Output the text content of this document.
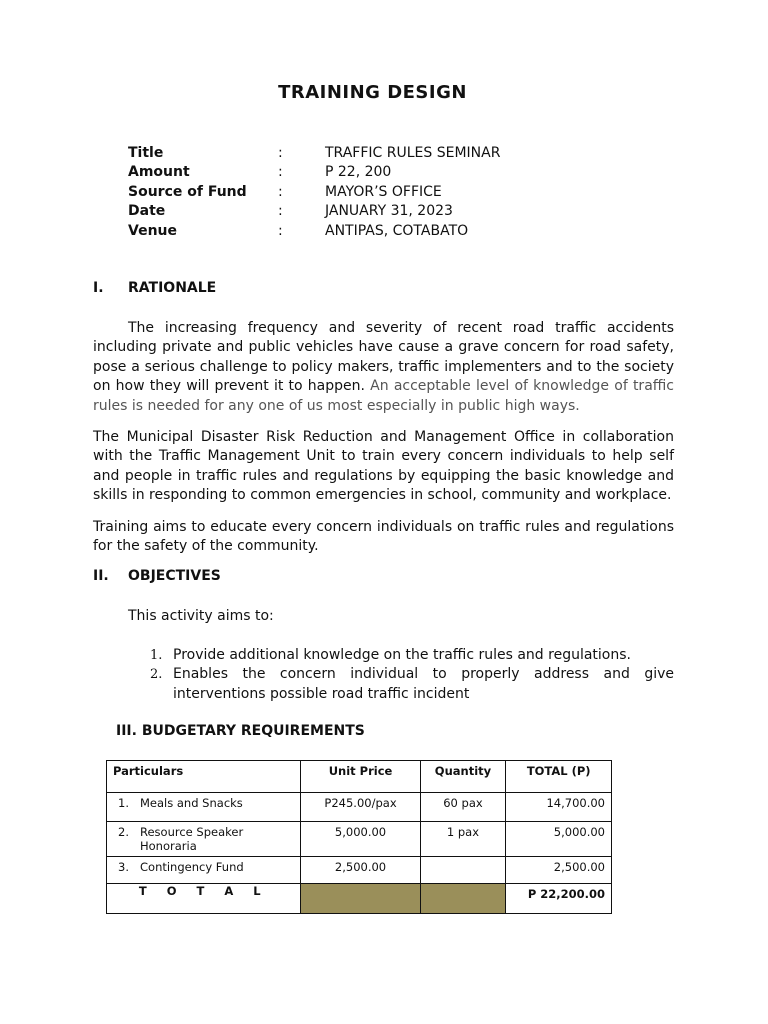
TRAINING DESIGN
Title	:	TRAFFIC RULES SEMINAR
Amount	:	P 22, 200
Source of Fund :	MAYOR’S OFFICE
Date	:	JANUARY 31, 2023
Venue	:	ANTIPAS, COTABATO
I. RATIONALE

The increasing frequency and severity of recent road traffic accidents including private and public vehicles have cause a grave concern for road safety, pose a serious challenge to policy makers, traffic implementers and to the society on how they will prevent it to happen. An acceptable level of knowledge of traffic rules is needed for any one of us most especially in public high ways.

The Municipal Disaster Risk Reduction and Management Office in collaboration with the Traffic Management Unit to train every concern individuals to help self and people in traffic rules and regulations by equipping the basic knowledge and skills in responding to common emergencies in school, community and workplace.

Training aims to educate every concern individuals on traffic rules and regulations for the safety of the community.

II. OBJECTIVES

This activity aims to:

1. Provide additional knowledge on the traffic rules and regulations.
2. Enables the concern individual to properly address and give interventions possible road traffic incident
III. BUDGETARY REQUIREMENTS
Particulars	Unit Price	Quantity	TOTAL (P)

1. Meals and Snacks	P245.00/pax	60 pax	14,700.00

2. Resource Speaker Honoraria	5,000.00	1 pax	5,000.00

3. Contingency Fund	2,500.00		2,500.00
T O T A L			P 22,200.00
